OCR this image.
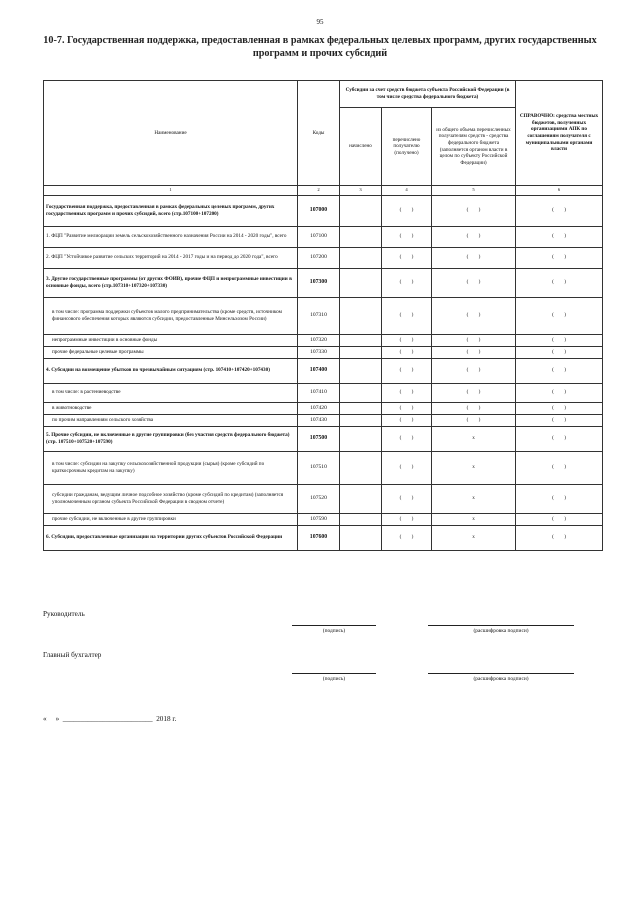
95
10-7. Государственная поддержка, предоставленная в рамках федеральных целевых программ, других государственных программ и прочих субсидий
Наименование	Коды	Субсидии за счет средств бюджета субъекта Российской Федерации (в том числе средства федерального бюджета)			СПРАВОЧНО: средства местных бюджетов, полученных организациями АПК по соглашениям получателя с муниципальными органами власти
		начислено	перечислено получателю (получено)	из общего объема перечисленных получателям средств - средства федерального бюджета (заполняется органом власти в целом по субъекту Российской Федерации)	
1	2	3	4	5	6
Государственная поддержка, предоставленная в рамках федеральных целевых программ, других государственных программ и прочих субсидий, всего (стр.107100+107200)	107000		(        )	(        )	(        )
1. ФЦП "Развитие мелиорации земель сельскохозяйственного назначения России на 2014 - 2020 годы", всего	107100		(        )	(        )	(        )
2. ФЦП "Устойчивое развитие сельских территорий на 2014 - 2017 годы и на период до 2020 года", всего	107200		(        )	(        )	(        )
3. Другие государственные программы (от других ФОИВ), прочие ФЦП и непрограммные инвестиции в основные фонды, всего (стр.107310+107320+107330)	107300		(        )	(        )	(        )
в том числе: программа поддержки субъектов малого предпринимательства (кроме средств, источником финансового обеспечения которых являются субсидии, предоставленные Минсельхозом России)	107310		(        )	(        )	(        )
непрограммные инвестиции в основные фонды	107320		(        )	(        )	(        )
прочие федеральные целевые программы	107330		(        )	(        )	(        )
4. Субсидии на возмещение убытков по чрезвычайным ситуациям (стр. 107410+107420+107430)	107400		(        )	(        )	(        )
в том числе: в растениеводстве	107410		(        )	(        )	(        )
в животноводстве	107420		(        )	(        )	(        )
по прочим направлениям сельского хозяйства	107430		(        )	(        )	(        )
5. Прочие субсидии, не включенные в другие группировки (без участия средств федерального бюджета) (стр. 107510+107520+107590)	107500		(        )	x	(        )
в том числе: субсидии на закупку сельскохозяйственной продукции (сырья) (кроме субсидий по краткосрочным кредитам на закупку)	107510		(        )	x	(        )
субсидии гражданам, ведущим личное подсобное хозяйство (кроме субсидий по кредитам) (заполняется уполномоченным органом субъекта Российской Федерации в сводном отчете)	107520		(        )	x	(        )
прочие субсидии, не включенные в другие группировки	107590		(        )	x	(        )
6. Субсидии, предоставленные организации на территории других субъектов Российской Федерации	107600		(        )	x	(        )
Руководитель
(подпись)	(расшифровка подписи)
Главный бухгалтер
(подпись)	(расшифровка подписи)
«     »  _________________________  2018 г.
